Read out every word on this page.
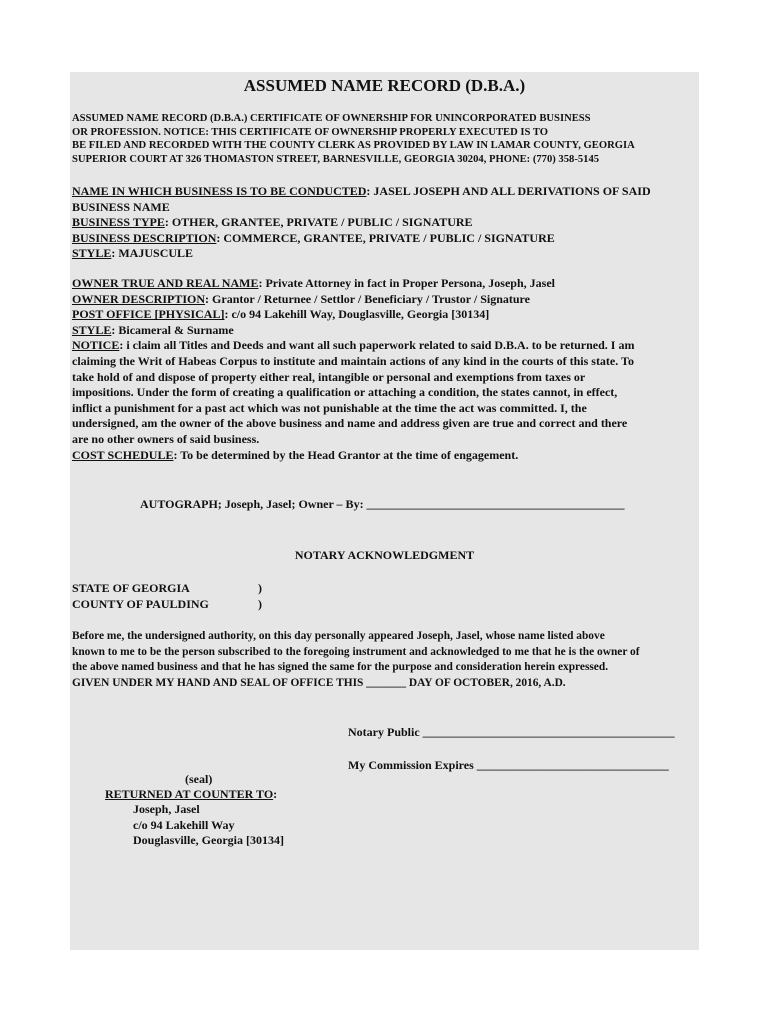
ASSUMED NAME RECORD (D.B.A.)
ASSUMED NAME RECORD (D.B.A.) CERTIFICATE OF OWNERSHIP FOR UNINCORPORATED BUSINESS
OR PROFESSION. NOTICE: THIS CERTIFICATE OF OWNERSHIP PROPERLY EXECUTED IS TO
BE FILED AND RECORDED WITH THE COUNTY CLERK AS PROVIDED BY LAW IN LAMAR COUNTY, GEORGIA
SUPERIOR COURT AT 326 THOMASTON STREET, BARNESVILLE, GEORGIA 30204, PHONE: (770) 358-5145
NAME IN WHICH BUSINESS IS TO BE CONDUCTED: JASEL JOSEPH AND ALL DERIVATIONS OF SAID
BUSINESS NAME
BUSINESS TYPE: OTHER, GRANTEE, PRIVATE / PUBLIC / SIGNATURE
BUSINESS DESCRIPTION: COMMERCE, GRANTEE, PRIVATE / PUBLIC / SIGNATURE
STYLE: MAJUSCULE
OWNER TRUE AND REAL NAME: Private Attorney in fact in Proper Persona, Joseph, Jasel
OWNER DESCRIPTION: Grantor / Returnee / Settlor / Beneficiary / Trustor / Signature
POST OFFICE [PHYSICAL]: c/o 94 Lakehill Way, Douglasville, Georgia [30134]
STYLE: Bicameral & Surname
NOTICE: i claim all Titles and Deeds and want all such paperwork related to said D.B.A. to be returned. I am
claiming the Writ of Habeas Corpus to institute and maintain actions of any kind in the courts of this state. To
take hold of and dispose of property either real, intangible or personal and exemptions from taxes or
impositions. Under the form of creating a qualification or attaching a condition, the states cannot, in effect,
inflict a punishment for a past act which was not punishable at the time the act was committed. I, the
undersigned, am the owner of the above business and name and address given are true and correct and there
are no other owners of said business.
COST SCHEDULE: To be determined by the Head Grantor at the time of engagement.
AUTOGRAPH; Joseph, Jasel; Owner – By: ___________________________________________
NOTARY ACKNOWLEDGMENT
STATE OF GEORGIA	)
COUNTY OF PAULDING	)
Before me, the undersigned authority, on this day personally appeared Joseph, Jasel, whose name listed above
known to me to be the person subscribed to the foregoing instrument and acknowledged to me that he is the owner of
the above named business and that he has signed the same for the purpose and consideration herein expressed.
GIVEN UNDER MY HAND AND SEAL OF OFFICE THIS _______ DAY OF OCTOBER, 2016, A.D.
Notary Public __________________________________________
My Commission Expires ________________________________
(seal)
RETURNED AT COUNTER TO:
Joseph, Jasel
c/o 94 Lakehill Way
Douglasville, Georgia [30134]
